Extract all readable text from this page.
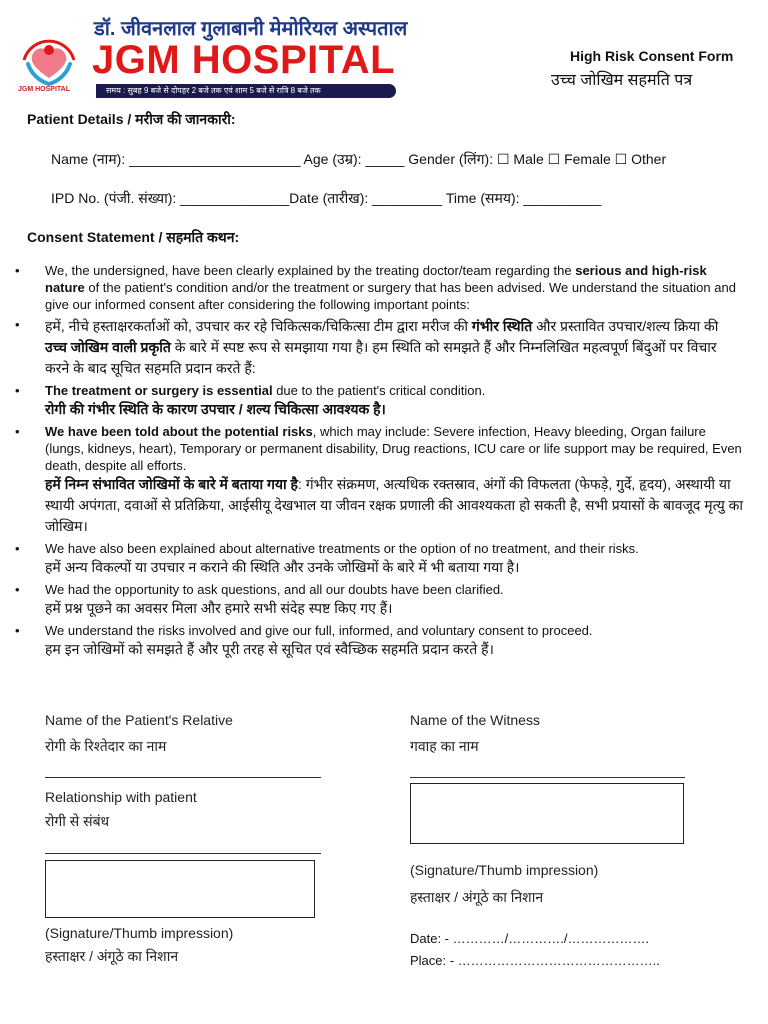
JGM HOSPITAL
डॉ. जीवनलाल गुलाबानी मेमोरियल अस्पताल
JGM HOSPITAL
समय : सुबह 9 बजे से दोपहर 2 बजे तक एवं शाम 5 बजे से रात्रि 8 बजे तक
High Risk Consent Form
उच्च जोखिम सहमति पत्र
Patient Details / मरीज की जानकारी:
Name (नाम): ______________________ Age (उम्र): _____ Gender (लिंग): ☐ Male ☐ Female ☐ Other
IPD No. (पंजी. संख्या): ______________Date (तारीख): _________ Time (समय): __________
Consent Statement / सहमति कथन:
• We, the undersigned, have been clearly explained by the treating doctor/team regarding the serious and high-risk nature of the patient's condition and/or the treatment or surgery that has been advised. We understand the situation and give our informed consent after considering the following important points:
• हमें, नीचे हस्ताक्षरकर्ताओं को, उपचार कर रहे चिकित्सक/चिकित्सा टीम द्वारा मरीज की गंभीर स्थिति और प्रस्तावित उपचार/शल्य क्रिया की उच्च जोखिम वाली प्रकृति के बारे में स्पष्ट रूप से समझाया गया है। हम स्थिति को समझते हैं और निम्नलिखित महत्वपूर्ण बिंदुओं पर विचार करने के बाद सूचित सहमति प्रदान करते हैं:
• The treatment or surgery is essential due to the patient's critical condition.
रोगी की गंभीर स्थिति के कारण उपचार / शल्य चिकित्सा आवश्यक है।
• We have been told about the potential risks, which may include: Severe infection, Heavy bleeding, Organ failure (lungs, kidneys, heart), Temporary or permanent disability, Drug reactions, ICU care or life support may be required, Even death, despite all efforts.
हमें निम्न संभावित जोखिमों के बारे में बताया गया है: गंभीर संक्रमण, अत्यधिक रक्तस्राव, अंगों की विफलता (फेफड़े, गुर्दे, हृदय), अस्थायी या स्थायी अपंगता, दवाओं से प्रतिक्रिया, आईसीयू देखभाल या जीवन रक्षक प्रणाली की आवश्यकता हो सकती है, सभी प्रयासों के बावजूद मृत्यु का जोखिम।
• We have also been explained about alternative treatments or the option of no treatment, and their risks.
हमें अन्य विकल्पों या उपचार न कराने की स्थिति और उनके जोखिमों के बारे में भी बताया गया है।
• We had the opportunity to ask questions, and all our doubts have been clarified.
हमें प्रश्न पूछने का अवसर मिला और हमारे सभी संदेह स्पष्ट किए गए हैं।
• We understand the risks involved and give our full, informed, and voluntary consent to proceed.
हम इन जोखिमों को समझते हैं और पूरी तरह से सूचित एवं स्वैच्छिक सहमति प्रदान करते हैं।
Name of the Patient's Relative
रोगी के रिश्तेदार का नाम
Relationship with patient
रोगी से संबंध
(Signature/Thumb impression)
हस्ताक्षर / अंगूठे का निशान
Name of the Witness
गवाह का नाम
(Signature/Thumb impression)
हस्ताक्षर / अंगूठे का निशान
Date: - …………/…………./……………….
Place: - ………………………………………..
